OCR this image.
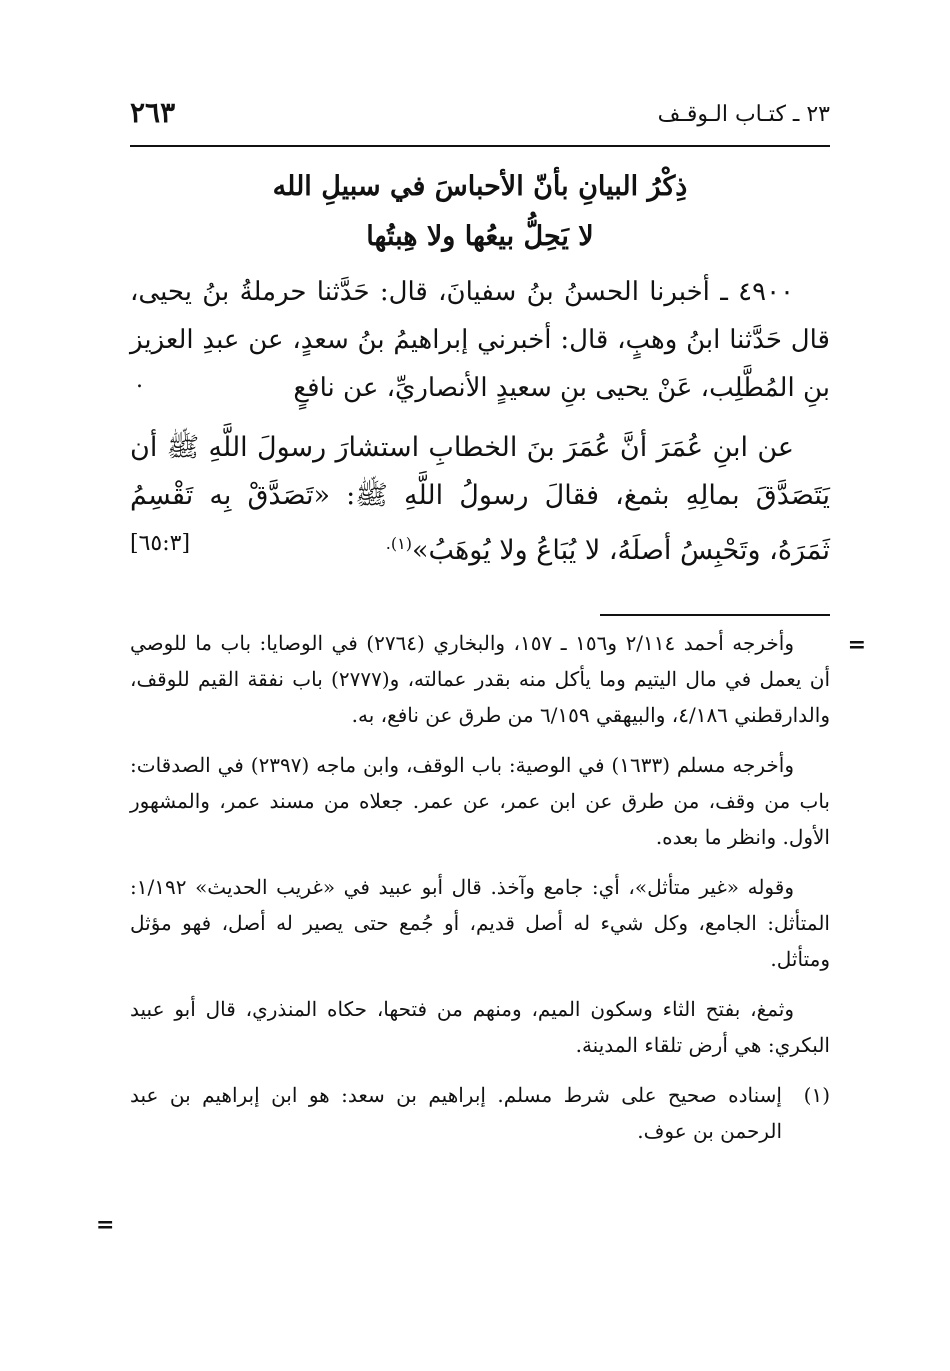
٢٣ ـ كتـاب الـوقـف
٢٦٣
ذِكْرُ البيانِ بأنّ الأحباسَ في سبيلِ الله
لا يَحِلُّ بيعُها ولا هِبتُها
.

٤٩٠٠ ـ أخبرنا الحسنُ بنُ سفيانَ، قال: حَدَّثنا حرملةُ بنُ يحيى، قال حَدَّثنا ابنُ وهبٍ، قال: أخبرني إبراهيمُ بنُ سعدٍ، عن عبدِ العزيز بنِ المُطَّلِب، عَنْ يحيى بنِ سعيدٍ الأنصاريِّ، عن نافعٍ

عن ابنِ عُمَرَ أنَّ عُمَرَ بنَ الخطابِ استشارَ رسولَ اللَّهِ ﷺ أن يَتَصَدَّقَ بمالِهِ بثمغ، فقالَ رسولُ اللَّهِ ﷺ: «تَصَدَّقْ بِه تَقْسِمُ ثَمَرَهُ، وتَحْبِسُ أصلَهُ، لا يُبَاعُ ولا يُوهَبُ»$^{(١).}$
[٦٥:٣]

=

وأخرجه أحمد ٢/١١٤ و١٥٦ ـ ١٥٧، والبخاري (٢٧٦٤) في الوصايا: باب ما للوصي أن يعمل في مال اليتيم وما يأكل منه بقدر عمالته، و(٢٧٧٧) باب نفقة القيم للوقف، والدارقطني ٤/١٨٦، والبيهقي ٦/١٥٩ من طرق عن نافع، به.

وأخرجه مسلم (١٦٣٣) في الوصية: باب الوقف، وابن ماجه (٢٣٩٧) في الصدقات: باب من وقف، من طرق عن ابن عمر، عن عمر. جعلاه من مسند عمر، والمشهور الأول. وانظر ما بعده.

وقوله «غير متأثل»، أي: جامع وآخذ. قال أبو عبيد في «غريب الحديث» ١/١٩٢: المتأثل: الجامع، وكل شيء له أصل قديم، أو جُمع حتى يصير له أصل، فهو مؤثل ومتأثل.

وثمغ، بفتح الثاء وسكون الميم، ومنهم من فتحها، حكاه المنذري، قال أبو عبيد البكري: هي أرض تلقاء المدينة.

(١)
إسناده صحيح على شرط مسلم. إبراهيم بن سعد: هو ابن إبراهيم بن عبد الرحمن بن عوف.

=
